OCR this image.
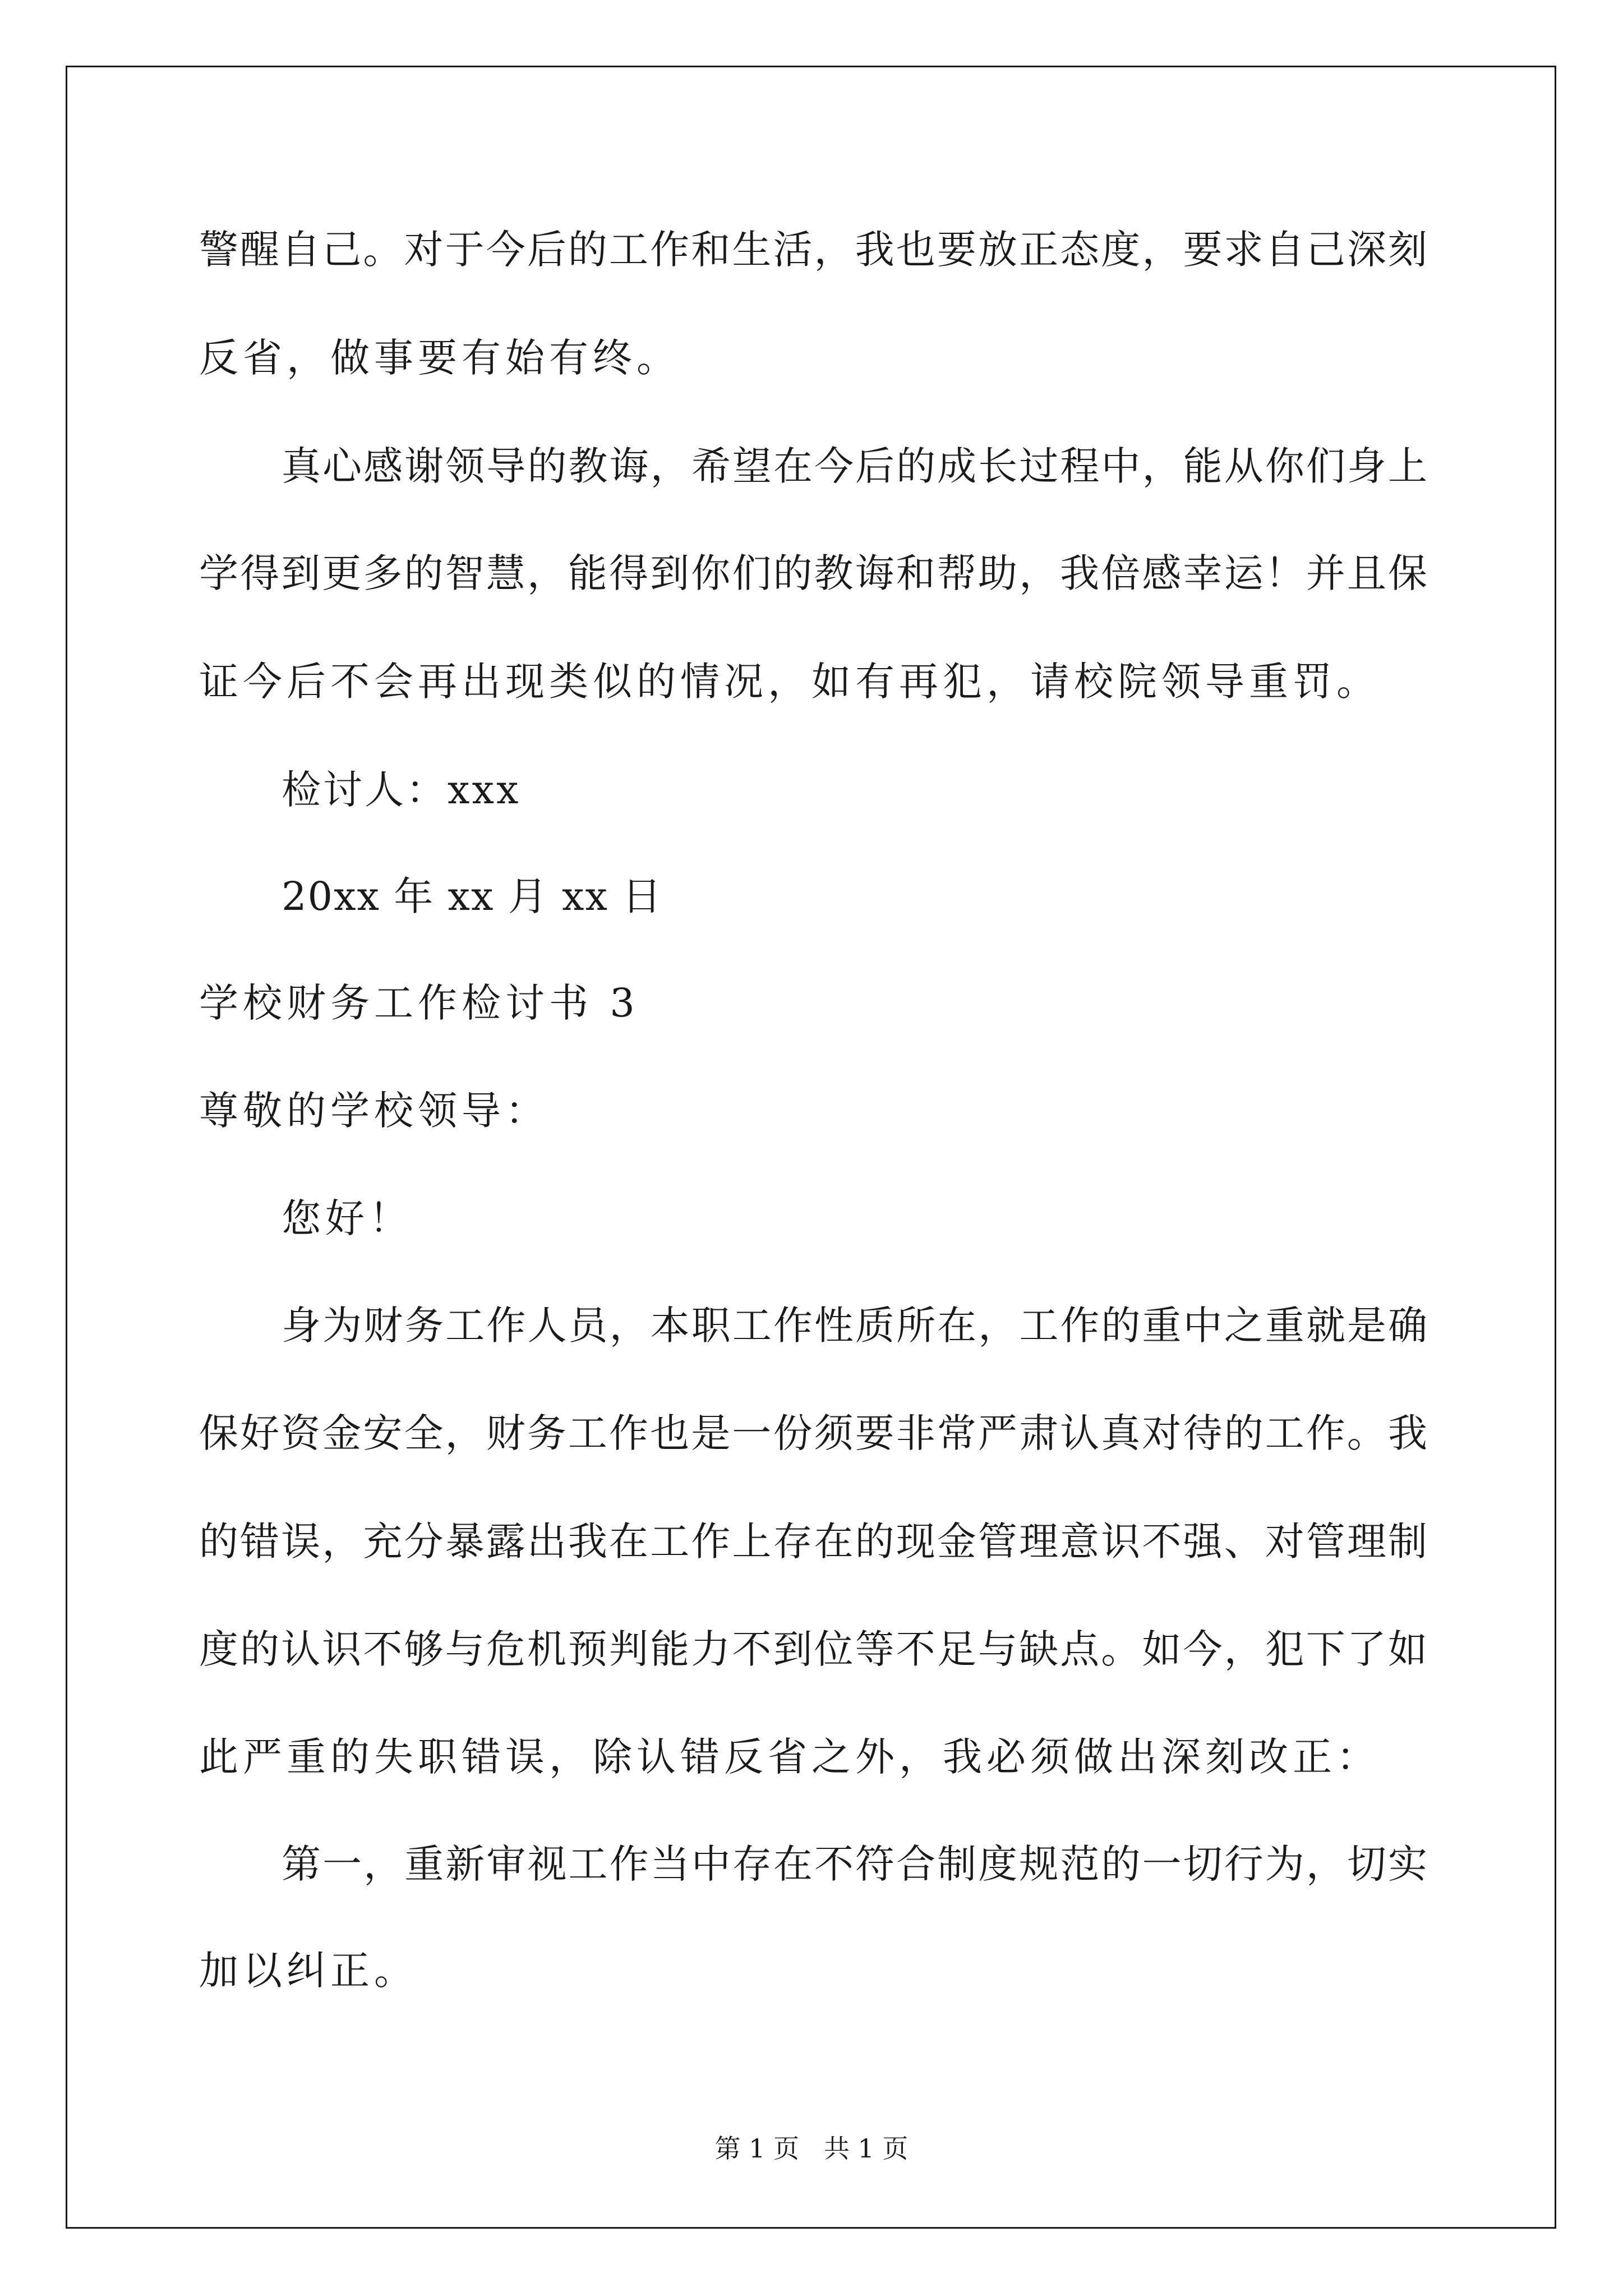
警醒自己。对于今后的工作和生活，我也要放正态度，要求自己深刻

反省，做事要有始有终。

真心感谢领导的教诲，希望在今后的成长过程中，能从你们身上

学得到更多的智慧，能得到你们的教诲和帮助，我倍感幸运！并且保

证今后不会再出现类似的情况，如有再犯，请校院领导重罚。

检讨人：xxx

20xx 年 xx 月 xx 日

学校财务工作检讨书 3

尊敬的学校领导：

您好！

身为财务工作人员，本职工作性质所在，工作的重中之重就是确

保好资金安全，财务工作也是一份须要非常严肃认真对待的工作。我

的错误，充分暴露出我在工作上存在的现金管理意识不强、对管理制

度的认识不够与危机预判能力不到位等不足与缺点。如今，犯下了如

此严重的失职错误，除认错反省之外，我必须做出深刻改正：

第一，重新审视工作当中存在不符合制度规范的一切行为，切实

加以纠正。

第 1 页   共 1 页
